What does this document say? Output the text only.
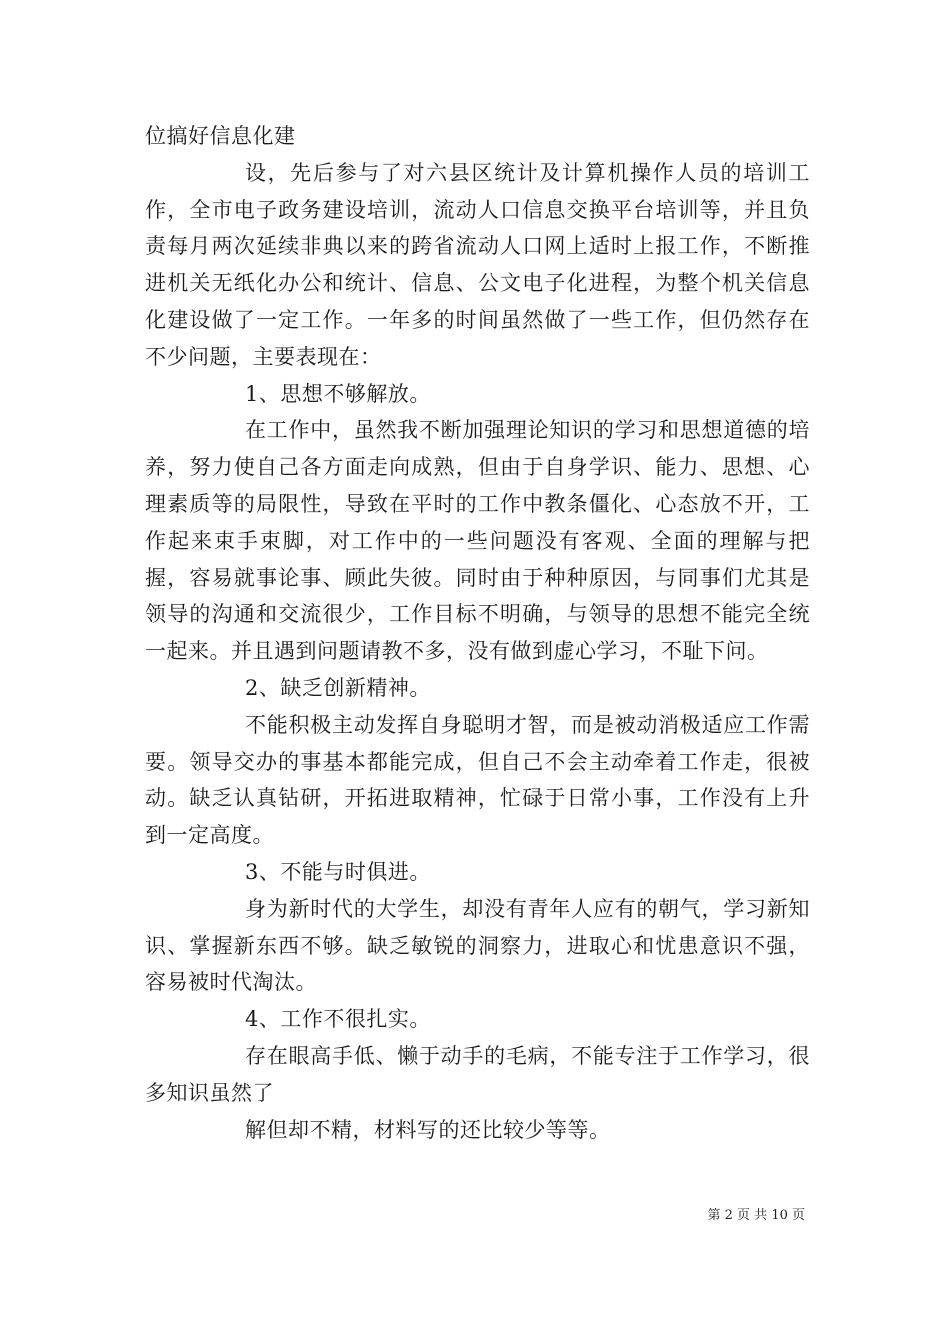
位搞好信息化建

设，先后参与了对六县区统计及计算机操作人员的培训工作，全市电子政务建设培训，流动人口信息交换平台培训等，并且负责每月两次延续非典以来的跨省流动人口网上适时上报工作，不断推进机关无纸化办公和统计、信息、公文电子化进程，为整个机关信息化建设做了一定工作。一年多的时间虽然做了一些工作，但仍然存在不少问题，主要表现在：

1、思想不够解放。

在工作中，虽然我不断加强理论知识的学习和思想道德的培养，努力使自己各方面走向成熟，但由于自身学识、能力、思想、心理素质等的局限性，导致在平时的工作中教条僵化、心态放不开，工作起来束手束脚，对工作中的一些问题没有客观、全面的理解与把握，容易就事论事、顾此失彼。同时由于种种原因，与同事们尤其是领导的沟通和交流很少，工作目标不明确，与领导的思想不能完全统一起来。并且遇到问题请教不多，没有做到虚心学习，不耻下问。

2、缺乏创新精神。

不能积极主动发挥自身聪明才智，而是被动消极适应工作需要。领导交办的事基本都能完成，但自己不会主动牵着工作走，很被动。缺乏认真钻研，开拓进取精神，忙碌于日常小事，工作没有上升到一定高度。

3、不能与时俱进。

身为新时代的大学生，却没有青年人应有的朝气，学习新知识、掌握新东西不够。缺乏敏锐的洞察力，进取心和忧患意识不强，容易被时代淘汰。

4、工作不很扎实。

存在眼高手低、懒于动手的毛病，不能专注于工作学习，很多知识虽然了

解但却不精，材料写的还比较少等等。

第 2 页 共 10 页
